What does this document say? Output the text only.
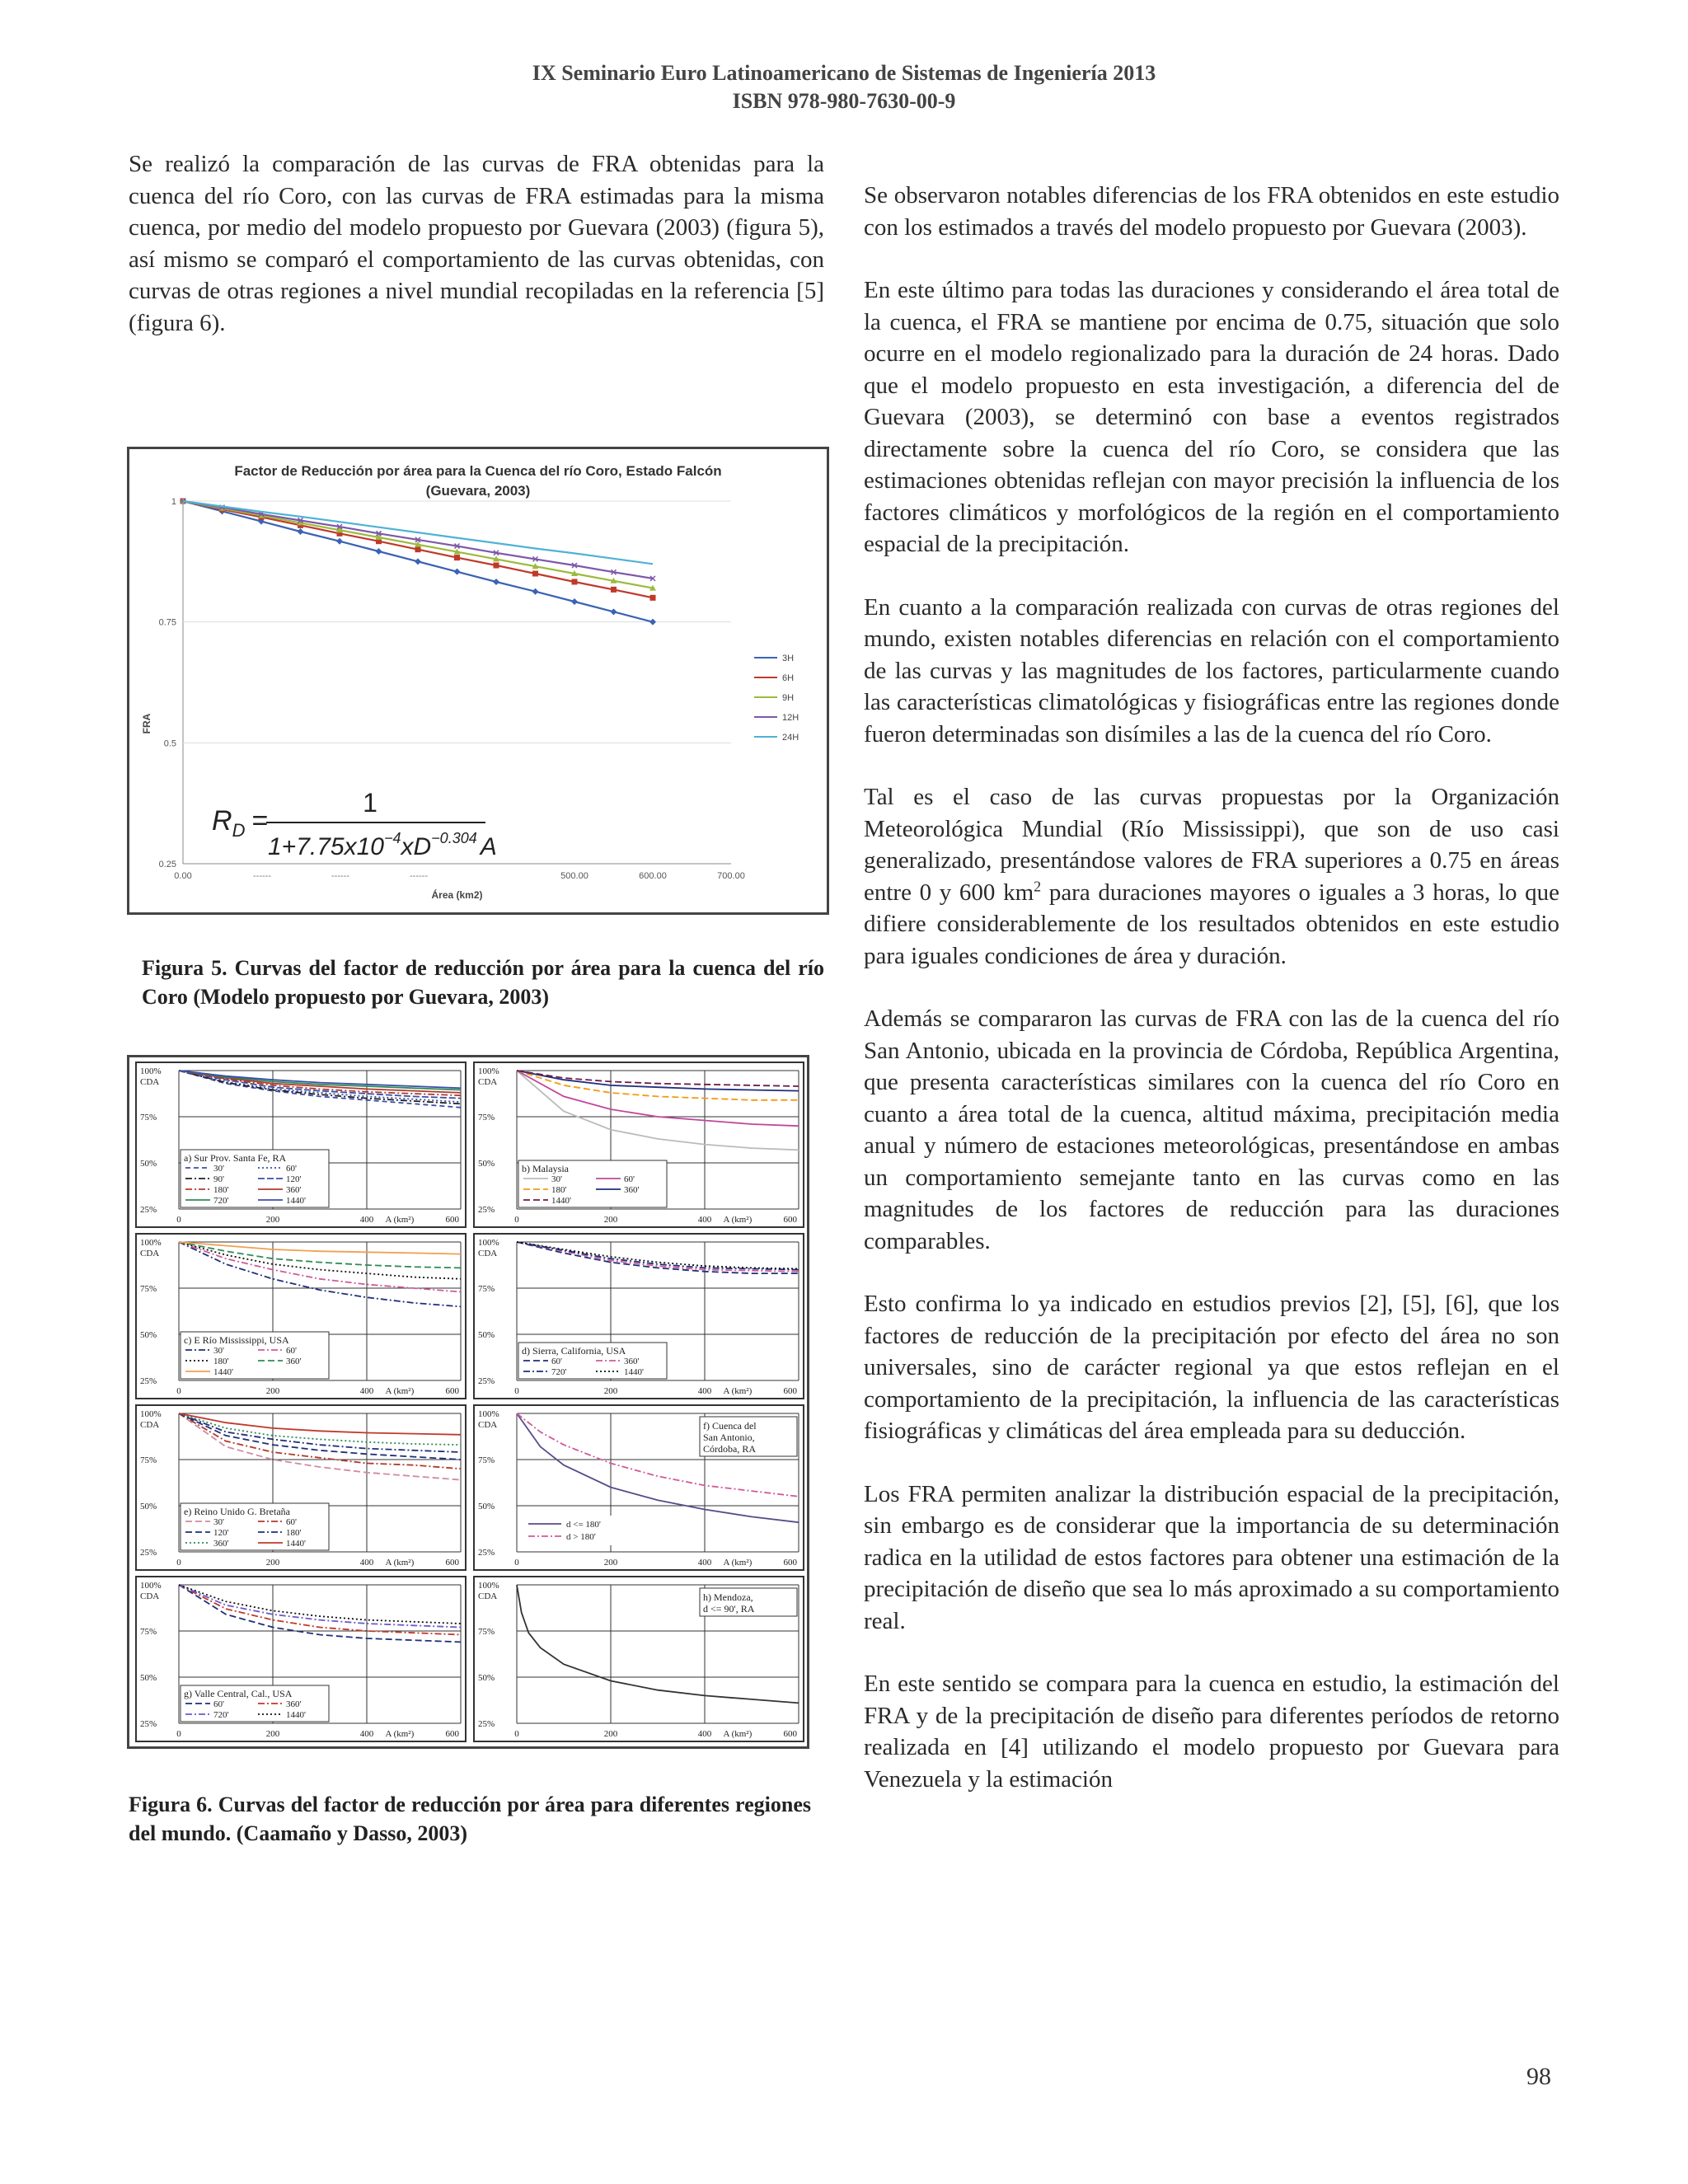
IX Seminario Euro Latinoamericano de Sistemas de Ingeniería 2013
ISBN 978-980-7630-00-9

Se realizó la comparación de las curvas de FRA obtenidas para la cuenca del río Coro, con las curvas de FRA estimadas para la misma cuenca, por medio del modelo propuesto por Guevara (2003) (figura 5), así mismo se comparó el comportamiento de las curvas obtenidas, con curvas de otras regiones a nivel mundial recopiladas en la referencia [5] (figura 6).

Factor de Reducción por área para la Cuenca del río Coro, Estado Falcón
(Guevara, 2003)
1
0.75
0.5
0.25
0.00	500.00	600.00	700.00
Área (km2)
FRA
3H
6H
9H
12H
24H
$R_D$ =
1
$1+7.75x10^{-4}xD^{-0.304}$ A
------	------	------
Figura 5. Curvas del factor de reducción por área para la cuenca del río Coro (Modelo propuesto por Guevara, 2003)
100%
75%
50%
25%
CDA
0	200	400 A (km²)	600
a) Sur Prov. Santa Fe, RA
30'	60'
90'	120'
180'	360'
720'	1440'
100%
75%
50%
25%
CDA
0	200	400 A (km²)	600
b) Malaysia
30'	60'
180'	360'
1440'
100%
75%
50%
25%
CDA
0	200	400 A (km²)	600
c) E Río Mississippi, USA
30'	60'
180'	360'
1440'
100%
75%
50%
25%
CDA
0	200	400 A (km²)	600
d) Sierra, California, USA
60'	360'
720'	1440'
100%
75%
50%
25%
CDA
0	200	400 A (km²)	600
e) Reino Unido G. Bretaña
30'	60'
120'	180'
360'	1440'
100%
75%
50%
25%
CDA
0	200	400 A (km²)	600
f) Cuenca del
San Antonio,
Córdoba, RA
d <= 180'
d > 180'
100%
75%
50%
25%
CDA
0	200	400 A (km²)	600
g) Valle Central, Cal., USA
60'	360'
720'	1440'
100%
75%
50%
25%
CDA
0	200	400 A (km²)	600
h) Mendoza,
d <= 90', RA
Figura 6. Curvas del factor de reducción por área para diferentes regiones del mundo. (Caamaño y Dasso, 2003)

Se observaron notables diferencias de los FRA obtenidos en este estudio con los estimados a través del modelo propuesto por Guevara (2003).

En este último para todas las duraciones y considerando el área total de la cuenca, el FRA se mantiene por encima de 0.75, situación que solo ocurre en el modelo regionalizado para la duración de 24 horas. Dado que el modelo propuesto en esta investigación, a diferencia del de Guevara (2003), se determinó con base a eventos registrados directamente sobre la cuenca del río Coro, se considera que las estimaciones obtenidas reflejan con mayor precisión la influencia de los factores climáticos y morfológicos de la región en el comportamiento espacial de la precipitación.

En cuanto a la comparación realizada con curvas de otras regiones del mundo, existen notables diferencias en relación con el comportamiento de las curvas y las magnitudes de los factores, particularmente cuando las características climatológicas y fisiográficas entre las regiones donde fueron determinadas son disímiles a las de la cuenca del río Coro.

Tal es el caso de las curvas propuestas por la Organización Meteorológica Mundial (Río Mississippi), que son de uso casi generalizado, presentándose valores de FRA superiores a 0.75 en áreas entre 0 y 600 $km^2$ para duraciones mayores o iguales a 3 horas, lo que difiere considerablemente de los resultados obtenidos en este estudio para iguales condiciones de área y duración.

Además se compararon las curvas de FRA con las de la cuenca del río San Antonio, ubicada en la provincia de Córdoba, República Argentina, que presenta características similares con la cuenca del río Coro en cuanto a área total de la cuenca, altitud máxima, precipitación media anual y número de estaciones meteorológicas, presentándose en ambas un comportamiento semejante tanto en las curvas como en las magnitudes de los factores de reducción para las duraciones comparables.

Esto confirma lo ya indicado en estudios previos [2], [5], [6], que los factores de reducción de la precipitación por efecto del área no son universales, sino de carácter regional ya que estos reflejan en el comportamiento de la precipitación, la influencia de las características fisiográficas y climáticas del área empleada para su deducción.

Los FRA permiten analizar la distribución espacial de la precipitación, sin embargo es de considerar que la importancia de su determinación radica en la utilidad de estos factores para obtener una estimación de la precipitación de diseño que sea lo más aproximado a su comportamiento real.

En este sentido se compara para la cuenca en estudio, la estimación del FRA y de la precipitación de diseño para diferentes períodos de retorno realizada en [4] utilizando el modelo propuesto por Guevara para Venezuela y la estimación

98
